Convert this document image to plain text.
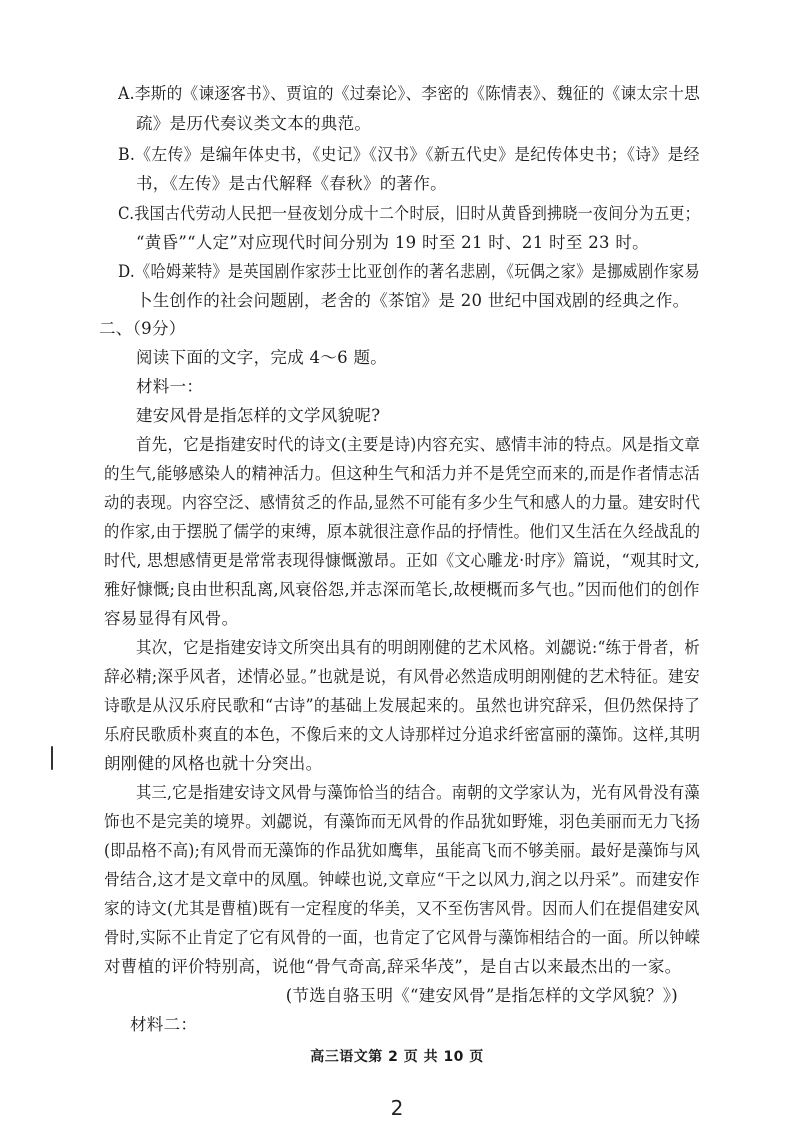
A.李斯的《谏逐客书》、贾谊的《过秦论》、李密的《陈情表》、魏征的《谏太宗十思
疏》是历代奏议类文本的典范。
B.《左传》是编年体史书，《史记》《汉书》《新五代史》是纪传体史书；《诗》是经
书，《左传》是古代解释《春秋》的著作。
C.我国古代劳动人民把一昼夜划分成十二个时辰，旧时从黄昏到拂晓一夜间分为五更；
“黄昏”“人定”对应现代时间分别为 19 时至 21 时、21 时至 23 时。
D.《哈姆莱特》是英国剧作家莎士比亚创作的著名悲剧，《玩偶之家》是挪威剧作家易
卜生创作的社会问题剧，老舍的《茶馆》是 20 世纪中国戏剧的经典之作。
二、（9分）
阅读下面的文字，完成 4～6 题。
材料一：
建安风骨是指怎样的文学风貌呢?
首先，它是指建安时代的诗文(主要是诗)内容充实、感情丰沛的特点。风是指文章
的生气,能够感染人的精神活力。但这种生气和活力并不是凭空而来的,而是作者情志活
动的表现。内容空泛、感情贫乏的作品,显然不可能有多少生气和感人的力量。建安时代
的作家,由于摆脱了儒学的束缚，原本就很注意作品的抒情性。他们又生活在久经战乱的
时代, 思想感情更是常常表现得慷慨激昂。正如《文心雕龙·时序》篇说，“观其时文,
雅好慷慨;良由世积乱离,风衰俗怨,并志深而笔长,故梗概而多气也。”因而他们的创作
容易显得有风骨。
其次，它是指建安诗文所突出具有的明朗刚健的艺术风格。刘勰说:“练于骨者，析
辞必精;深乎风者，述情必显。”也就是说，有风骨必然造成明朗刚健的艺术特征。建安
诗歌是从汉乐府民歌和“古诗”的基础上发展起来的。虽然也讲究辞采，但仍然保持了
乐府民歌质朴爽直的本色，不像后来的文人诗那样过分追求纤密富丽的藻饰。这样,其明
朗刚健的风格也就十分突出。
其三,它是指建安诗文风骨与藻饰恰当的结合。南朝的文学家认为，光有风骨没有藻
饰也不是完美的境界。刘勰说，有藻饰而无风骨的作品犹如野雉，羽色美丽而无力飞扬
(即品格不高);有风骨而无藻饰的作品犹如鹰隼，虽能高飞而不够美丽。最好是藻饰与风
骨结合,这才是文章中的凤凰。钟嵘也说,文章应“干之以风力,润之以丹采”。而建安作
家的诗文(尤其是曹植)既有一定程度的华美，又不至伤害风骨。因而人们在提倡建安风
骨时,实际不止肯定了它有风骨的一面，也肯定了它风骨与藻饰相结合的一面。所以钟嵘
对曹植的评价特别高，说他“骨气奇高,辞采华茂”，是自古以来最杰出的一家。
(节选自骆玉明《“建安风骨”是指怎样的文学风貌？》)
材料二：
高三语文第 2 页 共 10 页
2
